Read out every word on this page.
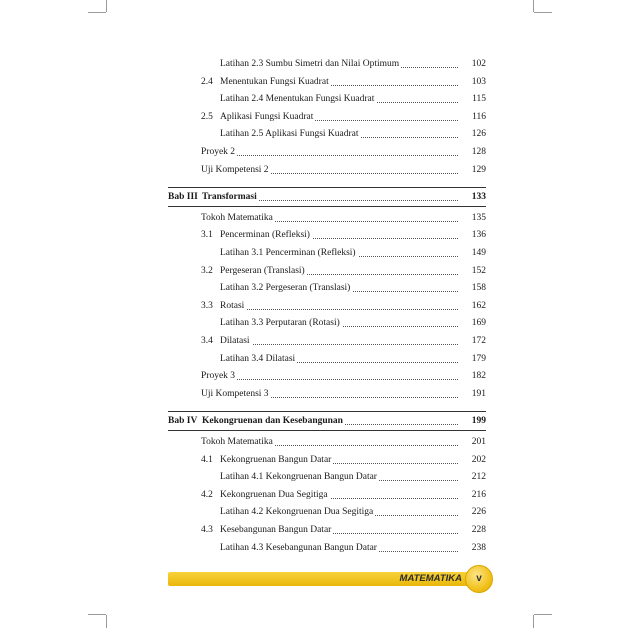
Latihan 2.3 Sumbu Simetri dan Nilai Optimum	102
2.4 Menentukan Fungsi Kuadrat	103
Latihan 2.4 Menentukan Fungsi Kuadrat	115
2.5 Aplikasi Fungsi Kuadrat	116
Latihan 2.5 Aplikasi Fungsi Kuadrat	126
Proyek 2	128
Uji Kompetensi 2	129
Bab III Transformasi	133
Tokoh Matematika	135
3.1 Pencerminan (Refleksi)	136
Latihan 3.1 Pencerminan (Refleksi)	149
3.2 Pergeseran (Translasi)	152
Latihan 3.2 Pergeseran (Translasi)	158
3.3 Rotasi	162
Latihan 3.3 Perputaran (Rotasi)	169
3.4 Dilatasi	172
Latihan 3.4 Dilatasi	179
Proyek 3	182
Uji Kompetensi 3	191
Bab IV Kekongruenan dan Kesebangunan	199
Tokoh Matematika	201
4.1 Kekongruenan Bangun Datar	202
Latihan 4.1 Kekongruenan Bangun Datar	212
4.2 Kekongruenan Dua Segitiga	216
Latihan 4.2 Kekongruenan Dua Segitiga	226
4.3 Kesebangunan Bangun Datar	228
Latihan 4.3 Kesebangunan Bangun Datar	238
MATEMATIKA	v
